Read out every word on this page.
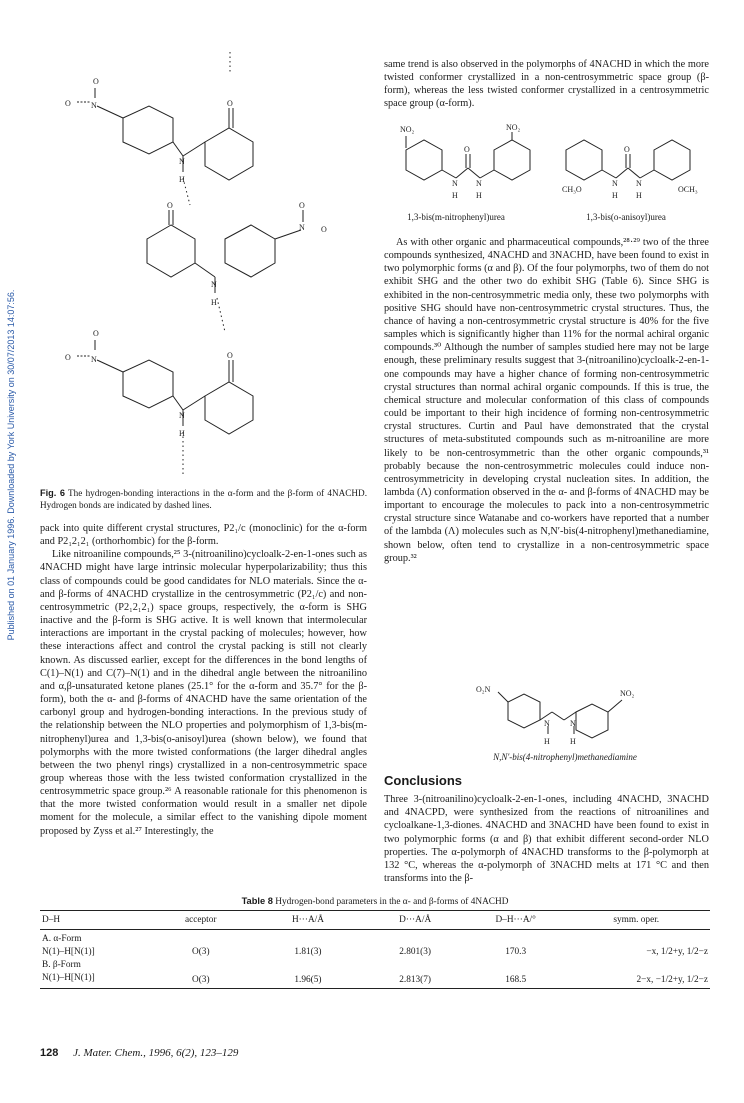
Published on 01 January 1996. Downloaded by York University on 30/07/2013 14:07:56.
O
O	N
N
H
O
O	O
N O
N
H
O
O	N
N
H
O

Fig. 6 The hydrogen-bonding interactions in the α-form and the β-form of 4NACHD. Hydrogen bonds are indicated by dashed lines.

pack into quite different crystal structures, P2₁/c (monoclinic) for the α-form and P2₁2₁2₁ (orthorhombic) for the β-form.

Like nitroaniline compounds,²⁵ 3-(nitroanilino)cycloalk-2-en-1-ones such as 4NACHD might have large intrinsic molecular hyperpolarizability; thus this class of compounds could be good candidates for NLO materials. Since the α- and β-forms of 4NACHD crystallize in the centrosymmetric (P2₁/c) and non-centrosymmetric (P2₁2₁2₁) space groups, respectively, the α-form is SHG inactive and the β-form is SHG active. It is well known that intermolecular interactions are important in the crystal packing of molecules; however, how these interactions affect and control the crystal packing is still not clearly known. As discussed earlier, except for the differences in the bond lengths of C(1)–N(1) and C(7)–N(1) and in the dihedral angle between the nitroanilino and α,β-unsaturated ketone planes (25.1° for the α-form and 35.7° for the β-form), both the α- and β-forms of 4NACHD have the same orientation of the carbonyl group and hydrogen-bonding interactions. In the previous study of the relationship between the NLO properties and polymorphism of 1,3-bis(m-nitrophenyl)urea and 1,3-bis(o-anisoyl)urea (shown below), we found that polymorphs with the more twisted conformations (the larger dihedral angles between the two phenyl rings) crystallized in a non-centrosymmetric space group whereas those with the less twisted conformation crystallized in the centrosymmetric space group.²⁶ A reasonable rationale for this phenomenon is that the more twisted conformation would result in a smaller net dipole moment for the molecule, a similar effect to the vanishing dipole moment proposed by Zyss et al.²⁷ Interestingly, the

same trend is also observed in the polymorphs of 4NACHD in which the more twisted conformer crystallized in a non-centrosymmetric space group (β-form), whereas the less twisted conformer crystallized in a centrosymmetric space group (α-form).

NO₂	NO₂
O	O
N N
H H
N N
H H
CH₃O	OCH₃
1,3-bis(m-nitrophenyl)urea	1,3-bis(o-anisoyl)urea

As with other organic and pharmaceutical compounds,²⁸·²⁹ two of the three compounds synthesized, 4NACHD and 3NACHD, have been found to exist in two polymorphic forms (α and β). Of the four polymorphs, two of them do not exhibit SHG and the other two do exhibit SHG (Table 6). Since SHG is exhibited in the non-centrosymmetric media only, these two polymorphs with positive SHG should have non-centrosymmetric crystal structures. Thus, the chance of having a non-centrosymmetric crystal structure is 40% for the five samples which is significantly higher than 11% for the normal achiral organic compounds.³⁰ Although the number of samples studied here may not be large enough, these preliminary results suggest that 3-(nitroanilino)cycloalk-2-en-1-one compounds may have a higher chance of forming non-centrosymmetric crystal structures than normal achiral organic compounds. If this is true, the chemical structure and molecular conformation of this class of compounds could be important to their high incidence of forming non-centrosymmetric crystal structures. Curtin and Paul have demonstrated that the crystal structures of meta-substituted compounds such as m-nitroaniline are more likely to be non-centrosymmetric than the other organic compounds,³¹ probably because the non-centrosymmetric molecules could induce non-centrosymmetricity in developing crystal nucleation sites. In addition, the lambda (Λ) conformation observed in the α- and β-forms of 4NACHD may be important to encourage the molecules to pack into a non-centrosymmetric crystal structure since Watanabe and co-workers have reported that a number of the lambda (Λ) molecules such as N,N′-bis(4-nitrophenyl)methanediamine, shown below, often tend to crystallize in a non-centrosymmetric space group.³²

O₂N	NO₂
N	N
H	H
N,N′-bis(4-nitrophenyl)methanediamine
Conclusions

Three 3-(nitroanilino)cycloalk-2-en-1-ones, including 4NACHD, 3NACHD and 4NACPD, were synthesized from the reactions of nitroanilines and cycloalkane-1,3-diones. 4NACHD and 3NACHD have been found to exist in two polymorphic forms (α and β) that exhibit different second-order NLO properties. The α-polymorph of 4NACHD transforms to the β-polymorph at 132 °C, whereas the α-polymorph of 3NACHD melts at 171 °C and then transforms into the β-

Table 8 Hydrogen-bond parameters in the α- and β-forms of 4NACHD
D–H	acceptor	H···A/Å	D···A/Å	D–H···A/°	symm. oper.
A. α-Form					
N(1)–H[N(1)]	O(3)	1.81(3)	2.801(3)	170.3	−x, 1/2+y, 1/2−z
B. β-Form					
N(1)–H[N(1)]	O(3)	1.96(5)	2.813(7)	168.5	2−x, −1/2+y, 1/2−z
128 J. Mater. Chem., 1996, 6(2), 123–129
